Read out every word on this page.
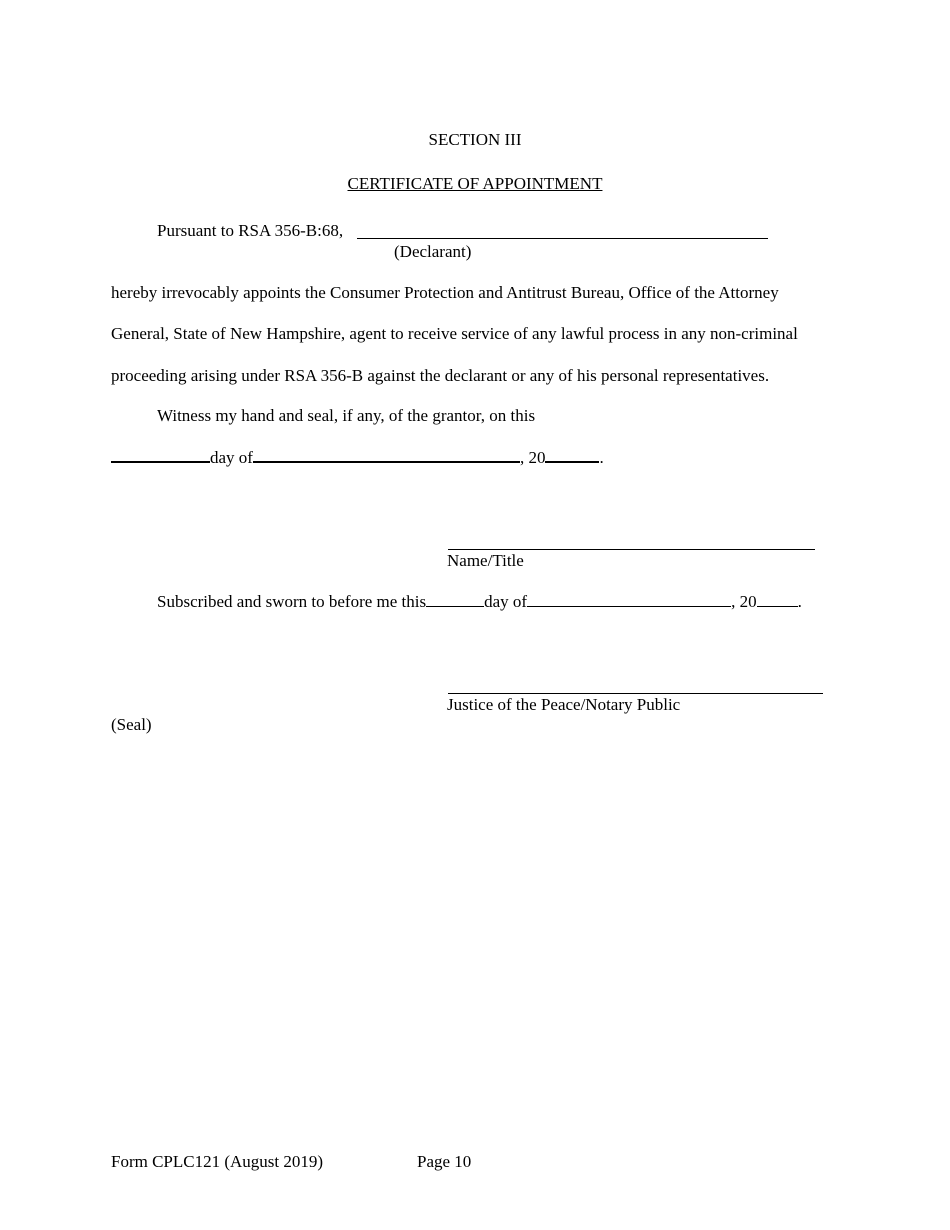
SECTION III
CERTIFICATE OF APPOINTMENT
Pursuant to RSA 356-B:68,
(Declarant)
hereby irrevocably appoints the Consumer Protection and Antitrust Bureau, Office of the Attorney
General, State of New Hampshire, agent to receive service of any lawful process in any non-criminal
proceeding arising under RSA 356-B against the declarant or any of his personal representatives.
Witness my hand and seal, if any, of the grantor, on this
day of	, 20	.
Name/Title
Subscribed and sworn to before me this	day of	, 20 .
Justice of the Peace/Notary Public
(Seal)
Form CPLC121 (August 2019)	Page 10
